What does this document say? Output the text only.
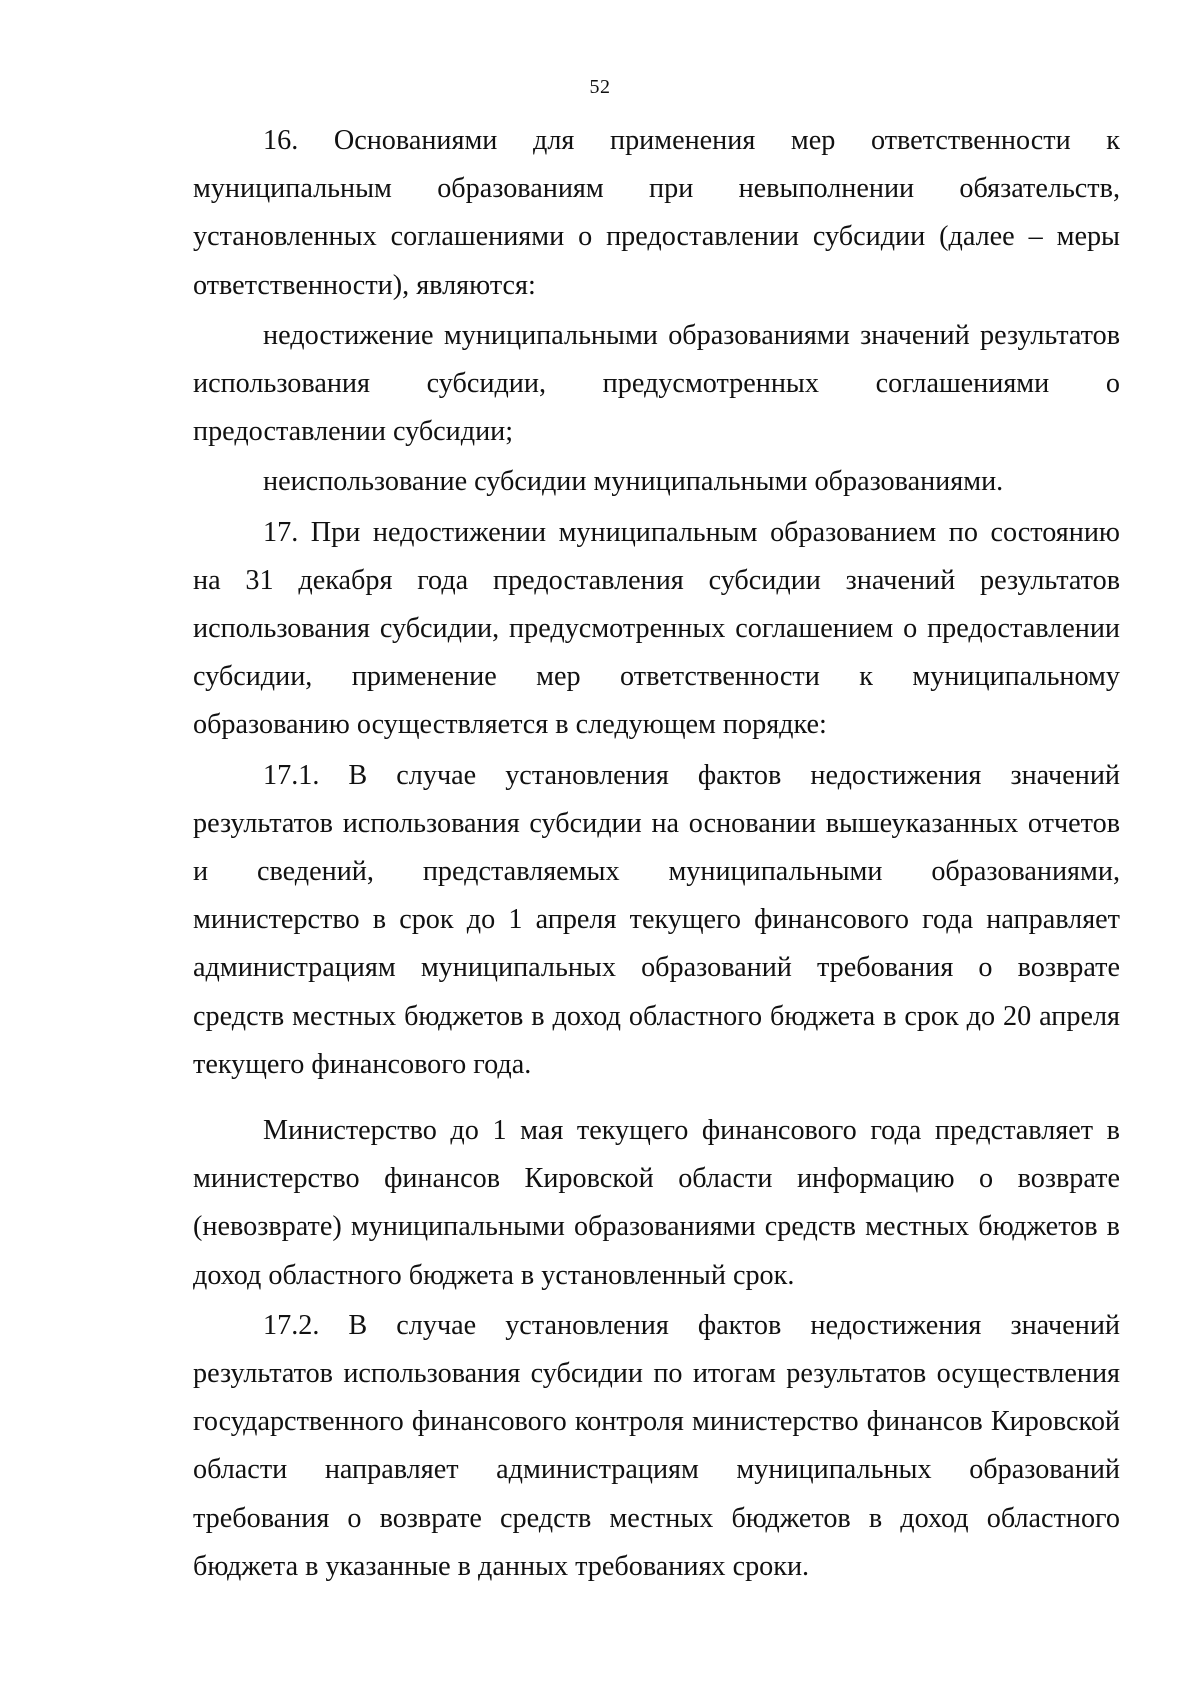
52

16. Основаниями для применения мер ответственности к муниципальным образованиям при невыполнении обязательств, установленных соглашениями о предоставлении субсидии (далее – меры ответственности), являются:

недостижение муниципальными образованиями значений результатов использования субсидии, предусмотренных соглашениями о предоставлении субсидии;

неиспользование субсидии муниципальными образованиями.

17. При недостижении муниципальным образованием по состоянию на 31 декабря года предоставления субсидии значений результатов использования субсидии, предусмотренных соглашением о предоставлении субсидии, применение мер ответственности к муниципальному образованию осуществляется в следующем порядке:

17.1. В случае установления фактов недостижения значений результатов использования субсидии на основании вышеуказанных отчетов и сведений, представляемых муниципальными образованиями, министерство в срок до 1 апреля текущего финансового года направляет администрациям муниципальных образований требования о возврате средств местных бюджетов в доход областного бюджета в срок до 20 апреля текущего финансового года.

Министерство до 1 мая текущего финансового года представляет в министерство финансов Кировской области информацию о возврате (невозврате) муниципальными образованиями средств местных бюджетов в доход областного бюджета в установленный срок.

17.2. В случае установления фактов недостижения значений результатов использования субсидии по итогам результатов осуществления государственного финансового контроля министерство финансов Кировской области направляет администрациям муниципальных образований требования о возврате средств местных бюджетов в доход областного бюджета в указанные в данных требованиях сроки.
